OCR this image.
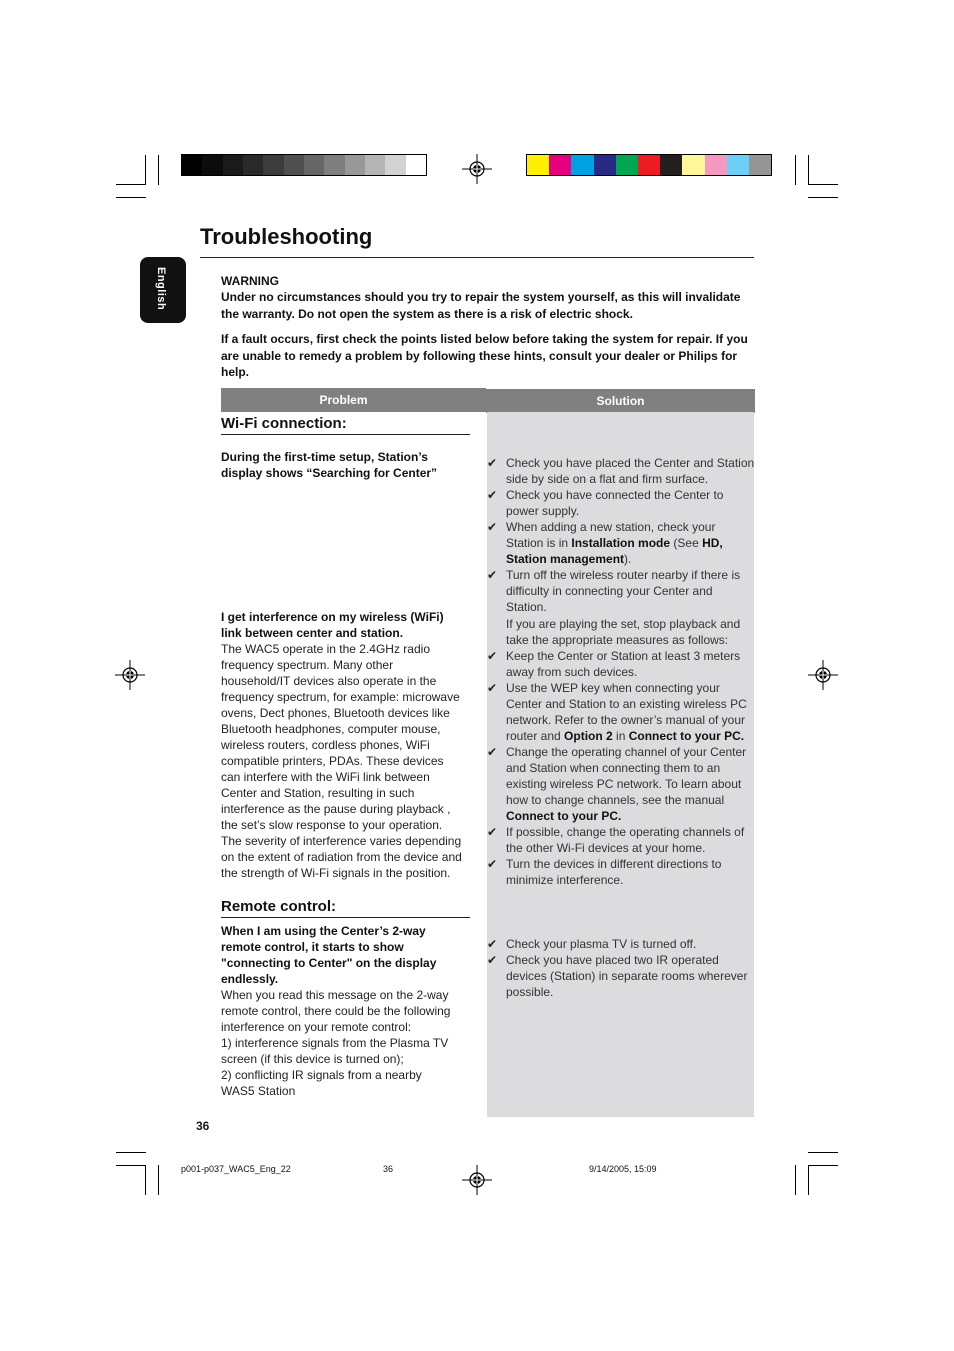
Troubleshooting
English	WARNING
Under no circumstances should you try to repair the system yourself, as this will invalidate the warranty. Do not open the system as there is a risk of electric shock.
If a fault occurs, first check the points listed below before taking the system for repair. If you are unable to remedy a problem by following these hints, consult your dealer or Philips for help.
Problem	Solution
Wi-Fi connection:
During the first-time setup, Station’s display shows “Searching for Center”
✔ Check you have placed the Center and Station side by side on a flat and firm surface.
✔ Check you have connected the Center to power supply.
✔ When adding a new station, check your Station is in Installation mode (See HD, Station management).
✔ Turn off the wireless router nearby if there is difficulty in connecting your Center and Station.
I get interference on my wireless (WiFi) link between center and station.
The WAC5 operate in the 2.4GHz radio frequency spectrum. Many other household/IT devices also operate in the frequency spectrum, for example: microwave ovens, Dect phones, Bluetooth devices like Bluetooth headphones, computer mouse, wireless routers, cordless phones, WiFi compatible printers, PDAs. These devices can interfere with the WiFi link between Center and Station, resulting in such interference as the pause during playback , the set’s slow response to your operation. The severity of interference varies depending on the extent of radiation from the device and the strength of Wi-Fi signals in the position.
If you are playing the set, stop playback and take the appropriate measures as follows:
✔ Keep the Center or Station at least 3 meters away from such devices.
✔ Use the WEP key when connecting your Center and Station to an existing wireless PC network. Refer to the owner’s manual of your router and Option 2 in Connect to your PC.
✔ Change the operating channel of your Center and Station when connecting them to an existing wireless PC network. To learn about how to change channels, see the manual Connect to your PC.
✔ If possible, change the operating channels of the other Wi-Fi devices at your home.
✔ Turn the devices in different directions to minimize interference.
Remote control:
When I am using the Center’s 2-way remote control, it starts to show "connecting to Center" on the display endlessly.
When you read this message on the 2-way remote control, there could be the following interference on your remote control:
1) interference signals from the Plasma TV screen (if this device is turned on);
2) conflicting IR signals from a nearby WAS5 Station
✔ Check your plasma TV is turned off.
✔ Check you have placed two IR operated devices (Station) in separate rooms wherever possible.
36
p001-p037_WAC5_Eng_22	36	9/14/2005, 15:09
